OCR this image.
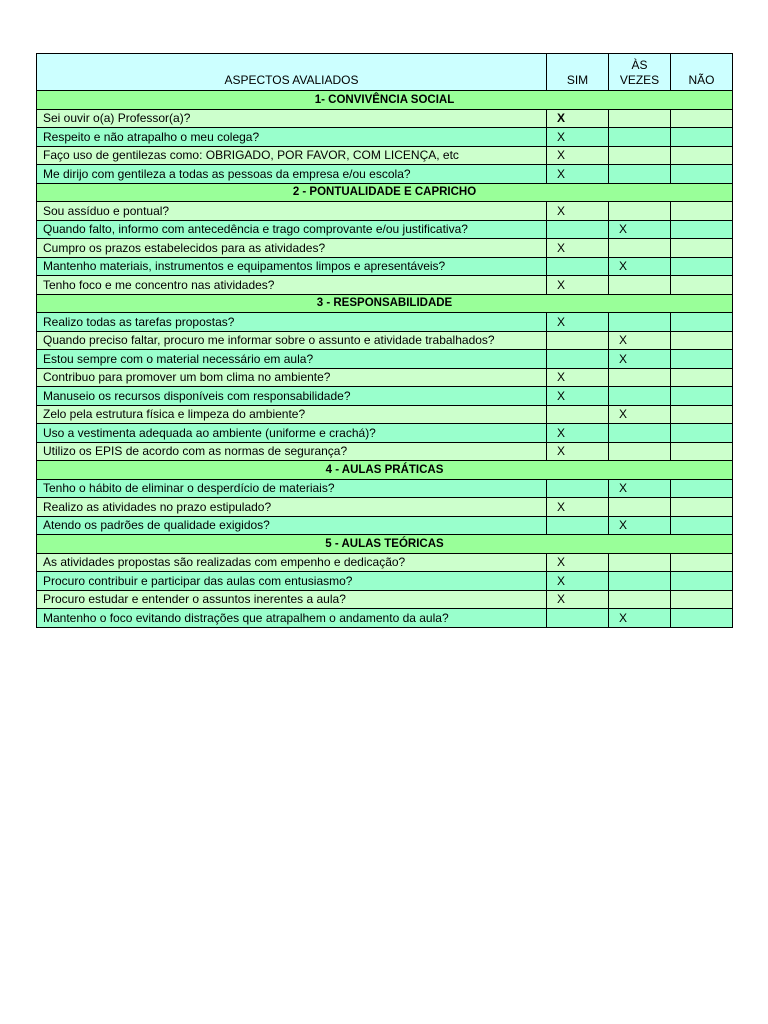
ASPECTOS AVALIADOS	SIM	ÀS
VEZES	NÃO
1- CONVIVÊNCIA SOCIAL			
Sei ouvir o(a) Professor(a)?	X		
Respeito e não atrapalho o meu colega?	X		
Faço uso de gentilezas como: OBRIGADO, POR FAVOR, COM LICENÇA, etc	X		
Me dirijo com gentileza a todas as pessoas da empresa e/ou escola?	X		
2 - PONTUALIDADE E CAPRICHO			
Sou assíduo e pontual?	X		
Quando falto, informo com antecedência e trago comprovante e/ou justificativa?		X	
Cumpro os prazos estabelecidos para as atividades?	X		
Mantenho materiais, instrumentos e equipamentos limpos e apresentáveis?		X	
Tenho foco e me concentro nas atividades?	X		
3 - RESPONSABILIDADE			
Realizo todas as tarefas propostas?	X		
Quando preciso faltar, procuro me informar sobre o assunto e atividade trabalhados?		X	
Estou sempre com o material necessário em aula?		X	
Contribuo para promover um bom clima no ambiente?	X		
Manuseio os recursos disponíveis com responsabilidade?	X		
Zelo pela estrutura física e limpeza do ambiente?		X	
Uso a vestimenta adequada ao ambiente (uniforme e crachá)?	X		
Utilizo os EPIS de acordo com as normas de segurança?	X		
4 - AULAS PRÁTICAS			
Tenho o hábito de eliminar o desperdício de materiais?		X	
Realizo as atividades no prazo estipulado?	X		
Atendo os padrões de qualidade exigidos?		X	
5 - AULAS TEÓRICAS			
As atividades propostas são realizadas com empenho e dedicação?	X		
Procuro contribuir e participar das aulas com entusiasmo?	X		
Procuro estudar e entender o assuntos inerentes a aula?	X		
Mantenho o foco evitando distrações que atrapalhem o andamento da aula?		X	
